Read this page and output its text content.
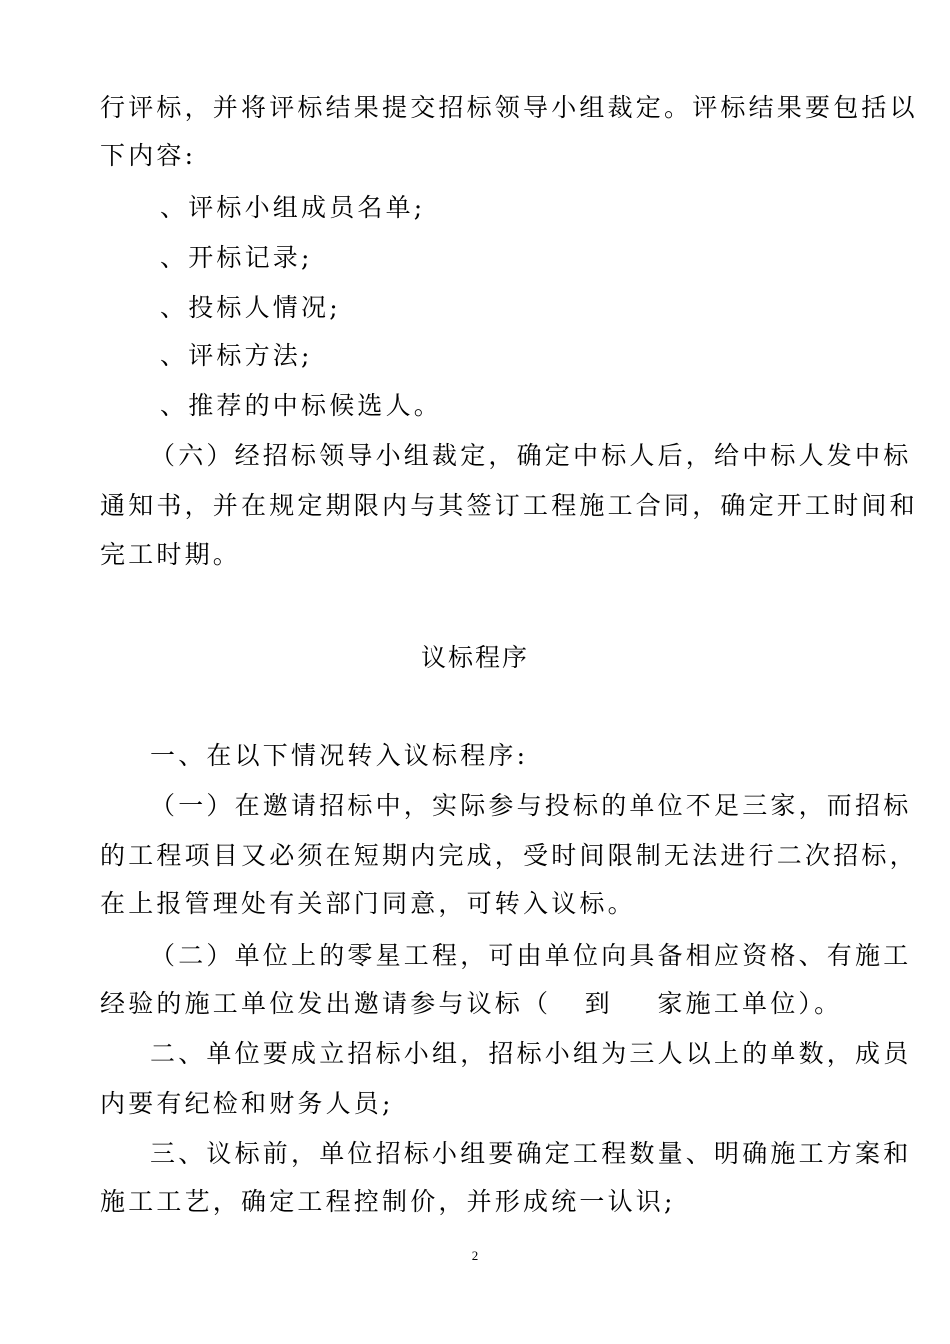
行评标，并将评标结果提交招标领导小组裁定。评标结果要包括以
下内容:
、评标小组成员名单;
、开标记录;
、投标人情况;
、评标方法;
、推荐的中标候选人。
（六）经招标领导小组裁定，确定中标人后，给中标人发中标
通知书，并在规定期限内与其签订工程施工合同，确定开工时间和
完工时期。
议标程序
一、在以下情况转入议标程序:
（一）在邀请招标中，实际参与投标的单位不足三家，而招标
的工程项目又必须在短期内完成，受时间限制无法进行二次招标，
在上报管理处有关部门同意，可转入议标。
（二）单位上的零星工程，可由单位向具备相应资格、有施工
经验的施工单位发出邀请参与议标（   到    家施工单位）。
二、单位要成立招标小组，招标小组为三人以上的单数，成员
内要有纪检和财务人员;
三、议标前，单位招标小组要确定工程数量、明确施工方案和
施工工艺，确定工程控制价，并形成统一认识;
2
